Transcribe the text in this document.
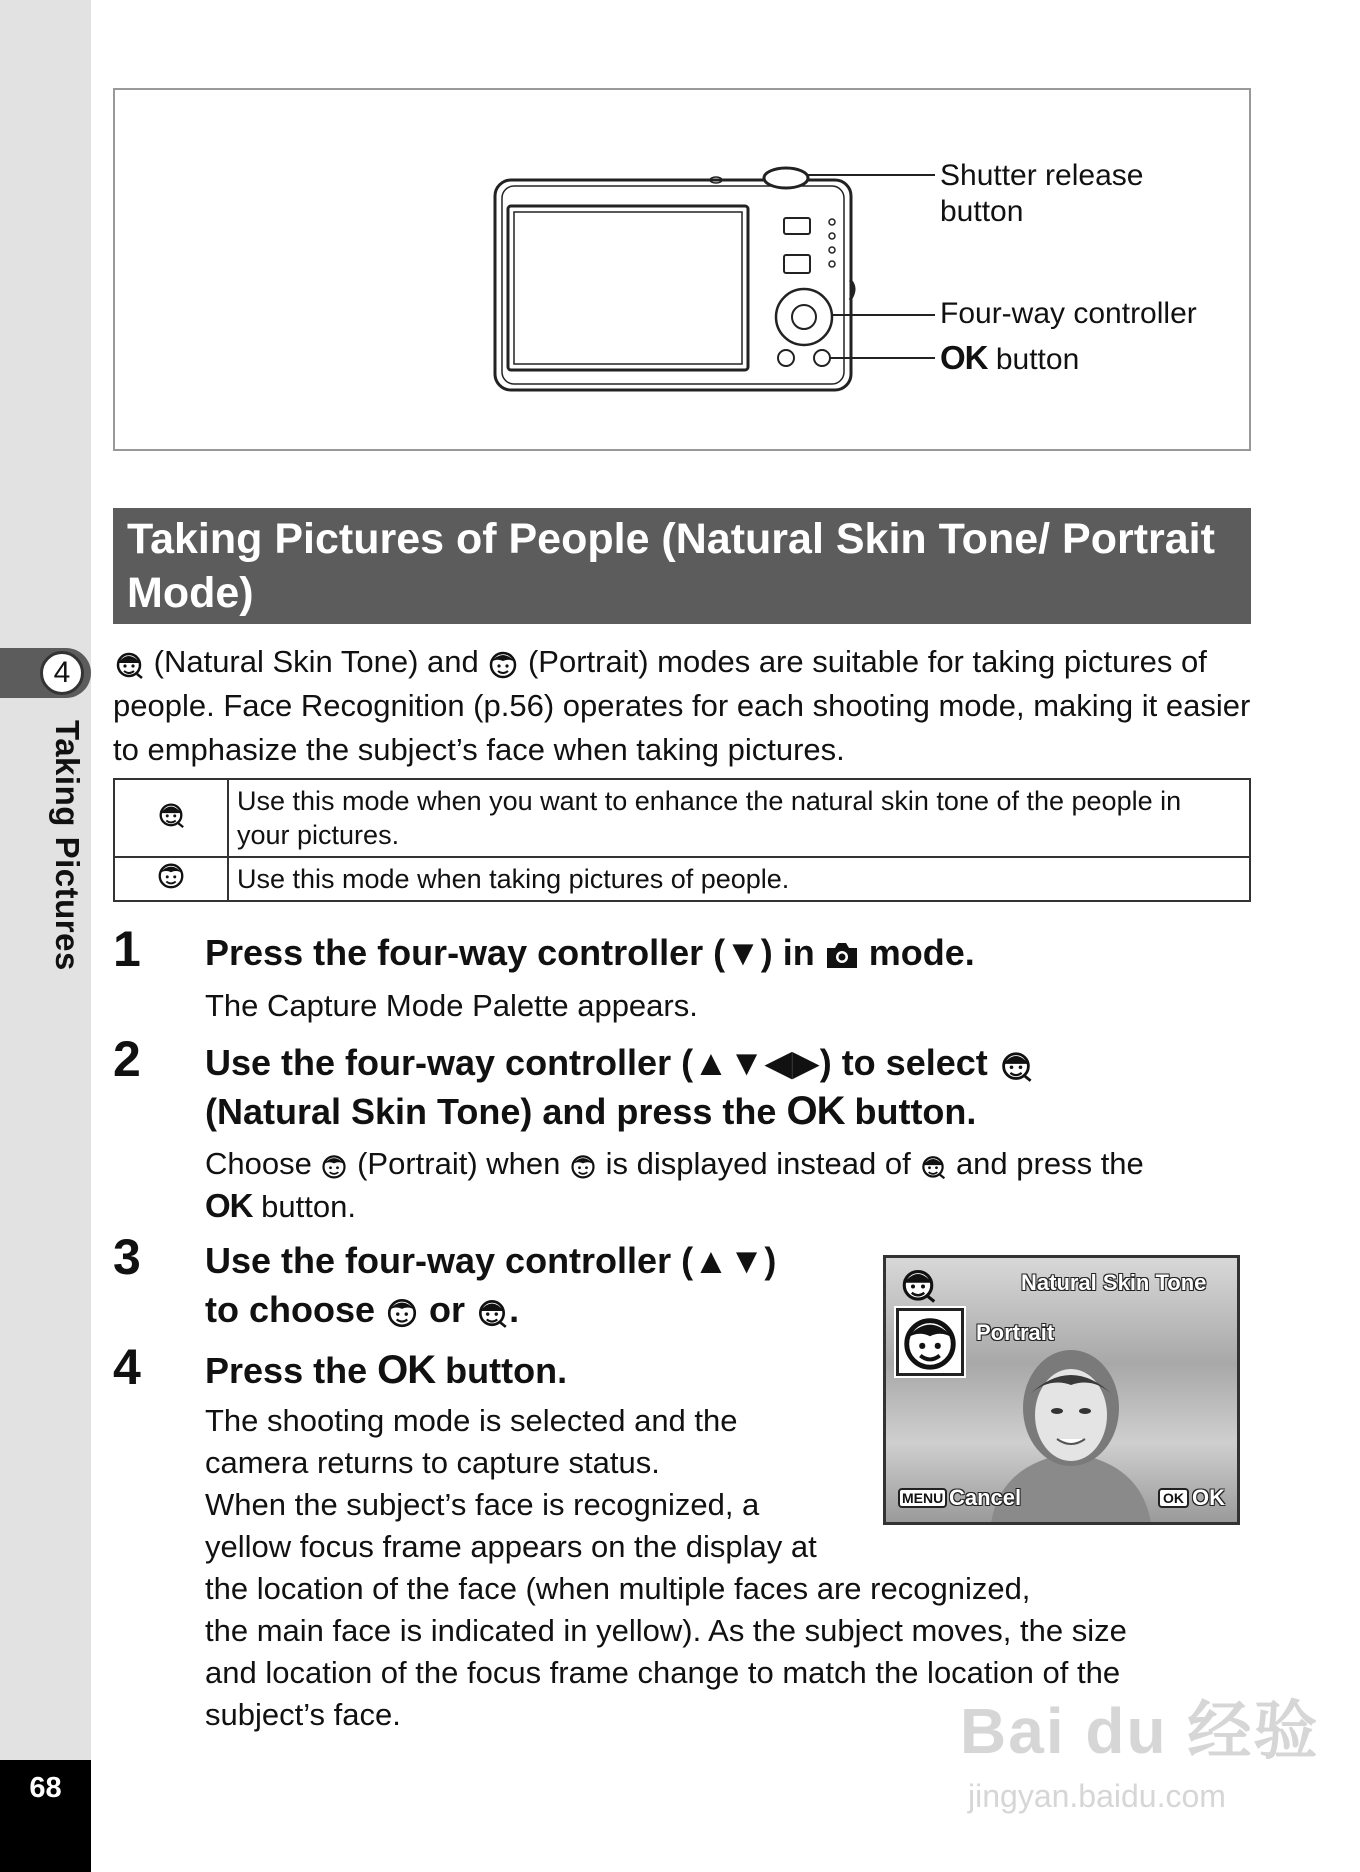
4
Taking Pictures
68
Shutter release
button
Four-way controller
OK button
Taking Pictures of People (Natural Skin Tone/ Portrait Mode)
(Natural Skin Tone) and (Portrait) modes are suitable for taking pictures of people. Face Recognition (p.56) operates for each shooting mode, making it easier to emphasize the subject’s face when taking pictures.
	Use this mode when you want to enhance the natural skin tone of the people in your pictures.
	Use this mode when taking pictures of people.
1 Press the four-way controller (▼) in mode.
The Capture Mode Palette appears.
2 Use the four-way controller (▲▼◀▶) to select
(Natural Skin Tone) and press the OK button.
Choose (Portrait) when is displayed instead of and press the
OK button.
3 Use the four-way controller (▲▼)
to choose or .
4 Press the OK button.
The shooting mode is selected and the
camera returns to capture status.
When the subject’s face is recognized, a
yellow focus frame appears on the display at
the location of the face (when multiple faces are recognized,
the main face is indicated in yellow). As the subject moves, the size
and location of the focus frame change to match the location of the
subject’s face.
Natural Skin Tone
Portrait
MENU Cancel	OK OK
Bai du 经验
jingyan.baidu.com
